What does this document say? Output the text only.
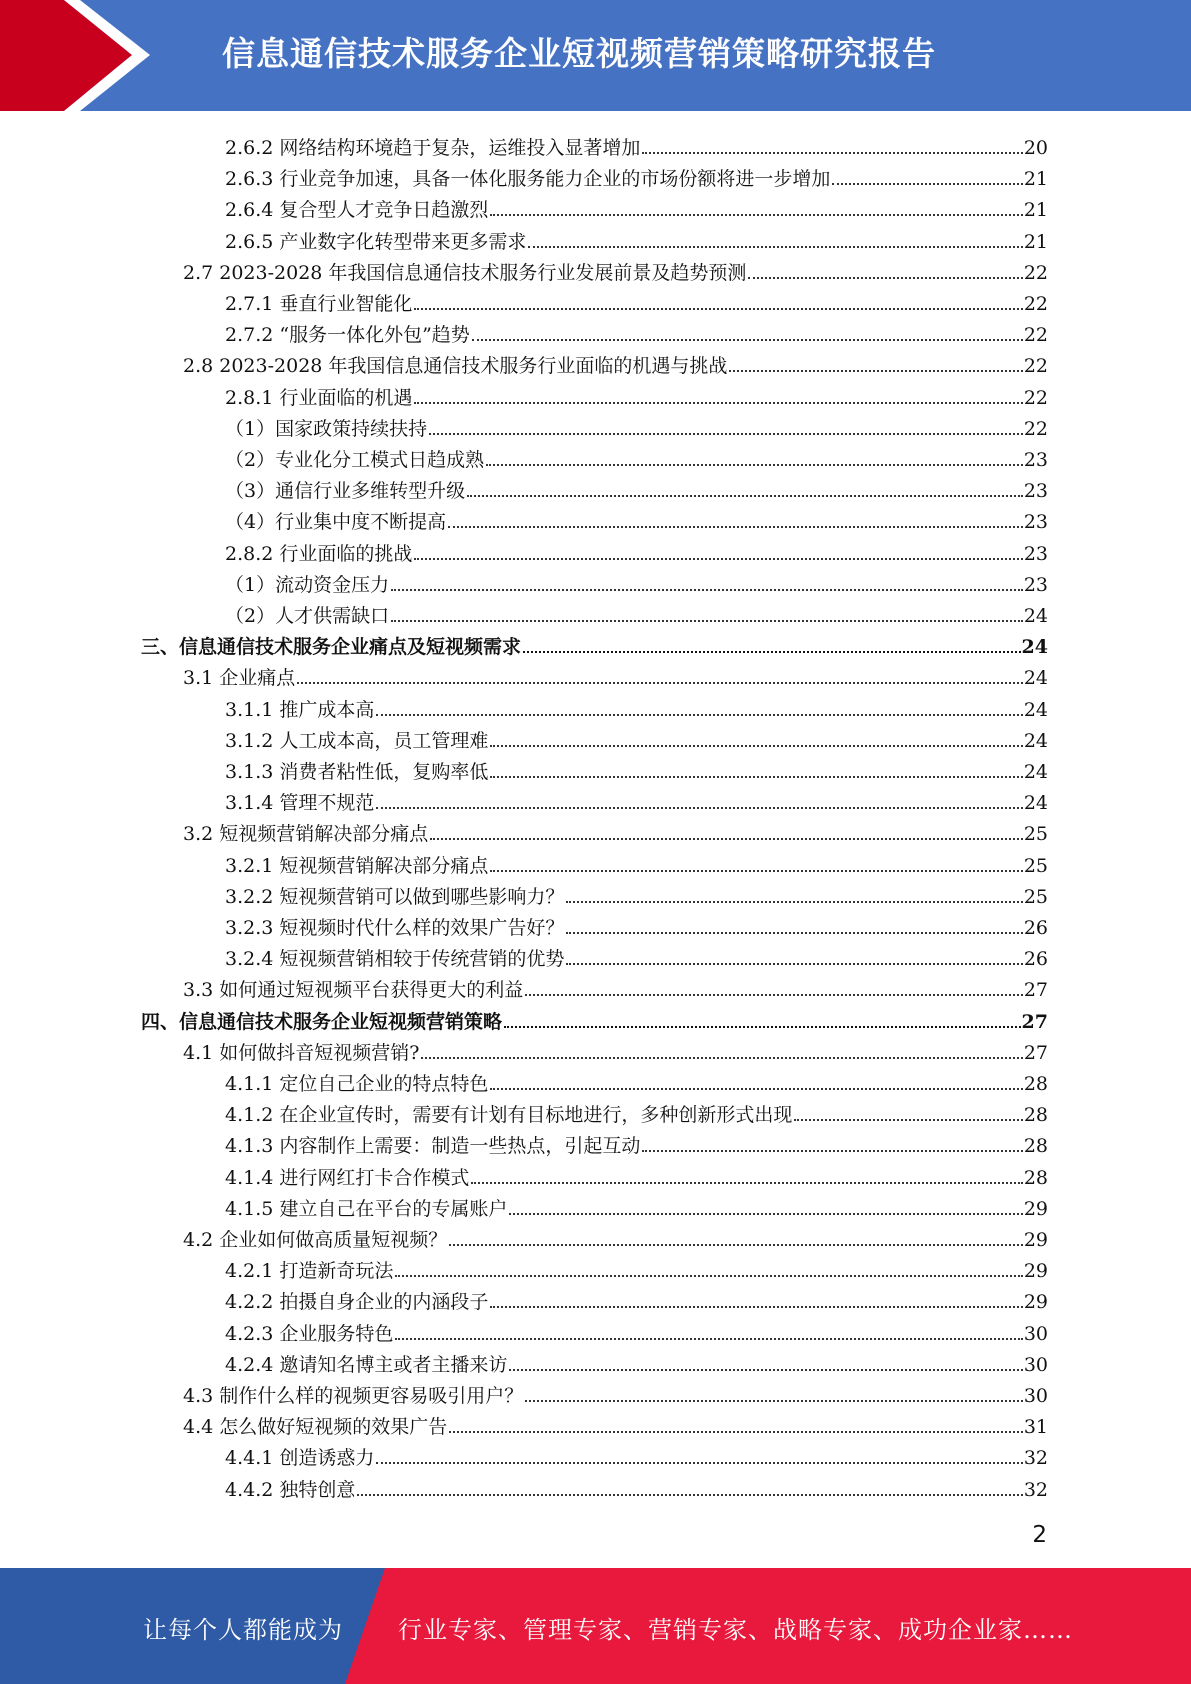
信息通信技术服务企业短视频营销策略研究报告
2.6.2 网络结构环境趋于复杂，运维投入显著增加	20
2.6.3 行业竞争加速，具备一体化服务能力企业的市场份额将进一步增加	21
2.6.4 复合型人才竞争日趋激烈	21
2.6.5 产业数字化转型带来更多需求	21
2.7 2023-2028 年我国信息通信技术服务行业发展前景及趋势预测	22
2.7.1 垂直行业智能化	22
2.7.2 “服务一体化外包”趋势	22
2.8 2023-2028 年我国信息通信技术服务行业面临的机遇与挑战	22
2.8.1 行业面临的机遇	22
（1）国家政策持续扶持	22
（2）专业化分工模式日趋成熟	23
（3）通信行业多维转型升级	23
（4）行业集中度不断提高	23
2.8.2 行业面临的挑战	23
（1）流动资金压力	23
（2）人才供需缺口	24
三、信息通信技术服务企业痛点及短视频需求	24
3.1 企业痛点	24
3.1.1 推广成本高	24
3.1.2 人工成本高，员工管理难	24
3.1.3 消费者粘性低，复购率低	24
3.1.4 管理不规范	24
3.2 短视频营销解决部分痛点	25
3.2.1 短视频营销解决部分痛点	25
3.2.2 短视频营销可以做到哪些影响力？	25
3.2.3 短视频时代什么样的效果广告好？	26
3.2.4 短视频营销相较于传统营销的优势	26
3.3 如何通过短视频平台获得更大的利益	27
四、信息通信技术服务企业短视频营销策略	27
4.1 如何做抖音短视频营销?	27
4.1.1 定位自己企业的特点特色	28
4.1.2 在企业宣传时，需要有计划有目标地进行，多种创新形式出现	28
4.1.3 内容制作上需要：制造一些热点，引起互动	28
4.1.4 进行网红打卡合作模式	28
4.1.5 建立自己在平台的专属账户	29
4.2 企业如何做高质量短视频？	29
4.2.1 打造新奇玩法	29
4.2.2 拍摄自身企业的内涵段子	29
4.2.3 企业服务特色	30
4.2.4 邀请知名博主或者主播来访	30
4.3 制作什么样的视频更容易吸引用户？	30
4.4 怎么做好短视频的效果广告	31
4.4.1 创造诱惑力	32
4.4.2 独特创意	32
2
让每个人都能成为 行业专家、管理专家、营销专家、战略专家、成功企业家……
